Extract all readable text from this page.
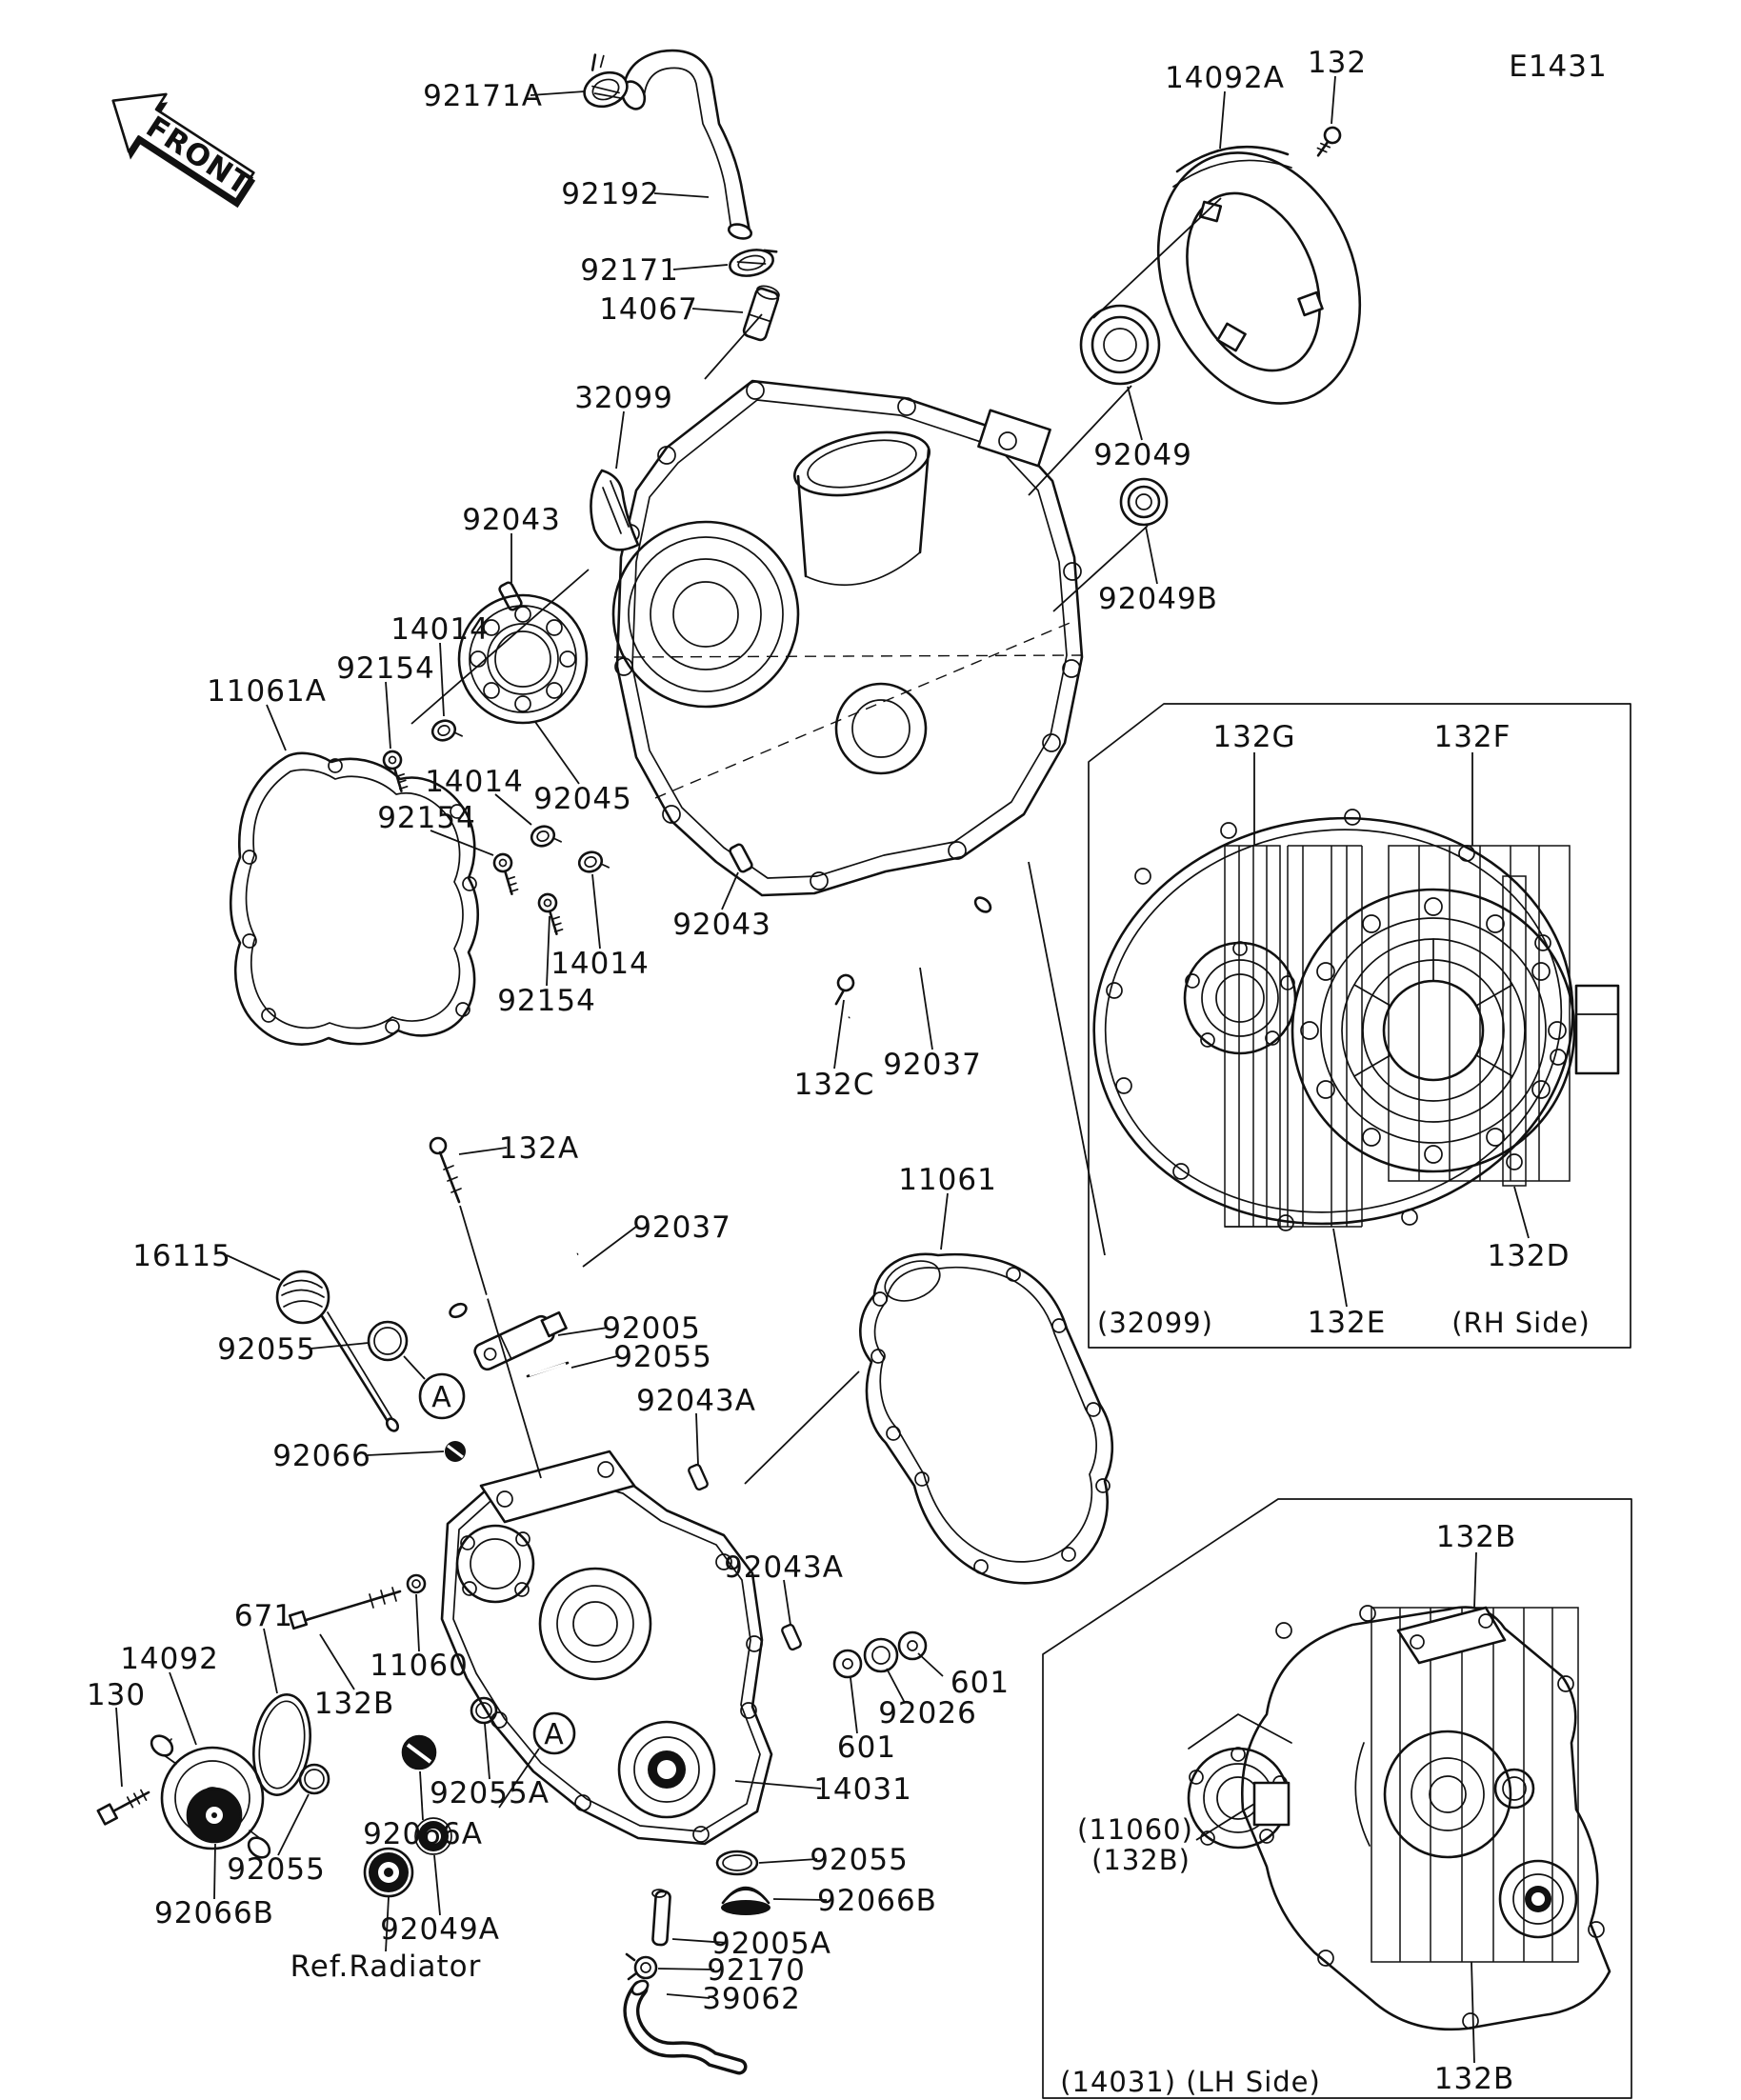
FRONT
A
A
92171A
92192
92171
14067
14092A 132	E1431
32099
92043
14014
92154
11061A
92045
14014
92154
14014
92154
92043
132C
92037
132A
92037
16115
92055
92005
92055
92043A
92066
11061
92043A
671
14092
130
11060
132B
92055A
92066A
92055
92066B	92049A
Ref.Radiator
92049
92049B
601
92026
601
14031
92055
92066B
92005A
92170
39062
132G	132F
132D
(32099)	132E (RH Side)
132B
132B
(11060)
(132B)
(14031) (LH Side)
